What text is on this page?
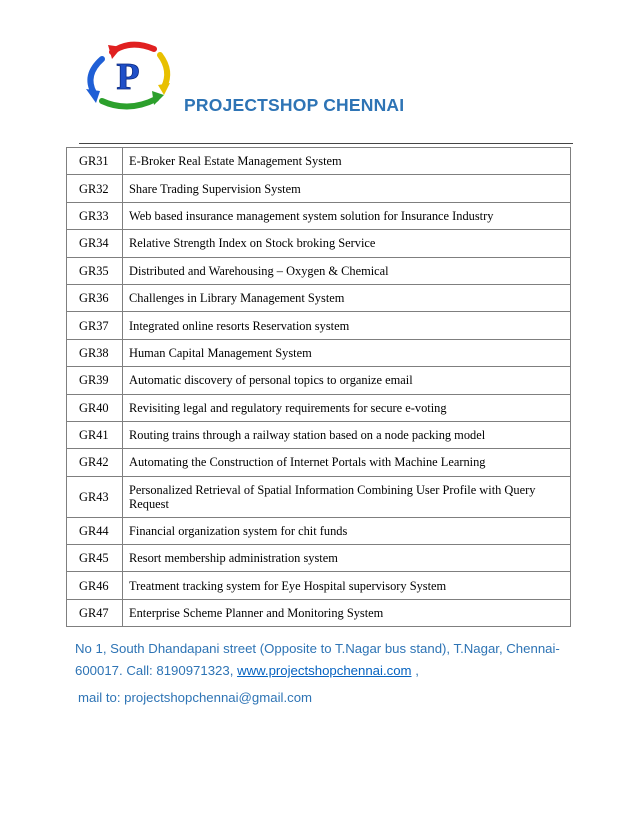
P
PROJECTSHOP CHENNAI
GR31	E-Broker Real Estate Management System
GR32	Share Trading Supervision System
GR33	Web based insurance management system solution for Insurance Industry
GR34	Relative Strength Index on Stock broking Service
GR35	Distributed and Warehousing – Oxygen & Chemical
GR36	Challenges in Library Management System
GR37	Integrated online resorts Reservation system
GR38	Human Capital Management System
GR39	Automatic discovery of personal topics to organize email
GR40	Revisiting legal and regulatory requirements for secure e-voting
GR41	Routing trains through a railway station based on a node packing model
GR42	Automating the Construction of Internet Portals with Machine Learning
GR43	Personalized Retrieval of Spatial Information Combining User Profile with Query Request
GR44	Financial organization system for chit funds
GR45	Resort membership administration system
GR46	Treatment tracking system for Eye Hospital supervisory System
GR47	Enterprise Scheme Planner and Monitoring System
No 1, South Dhandapani street (Opposite to T.Nagar bus stand), T.Nagar, Chennai-600017. Call: 8190971323, www.projectshopchennai.com ,
mail to: projectshopchennai@gmail.com
